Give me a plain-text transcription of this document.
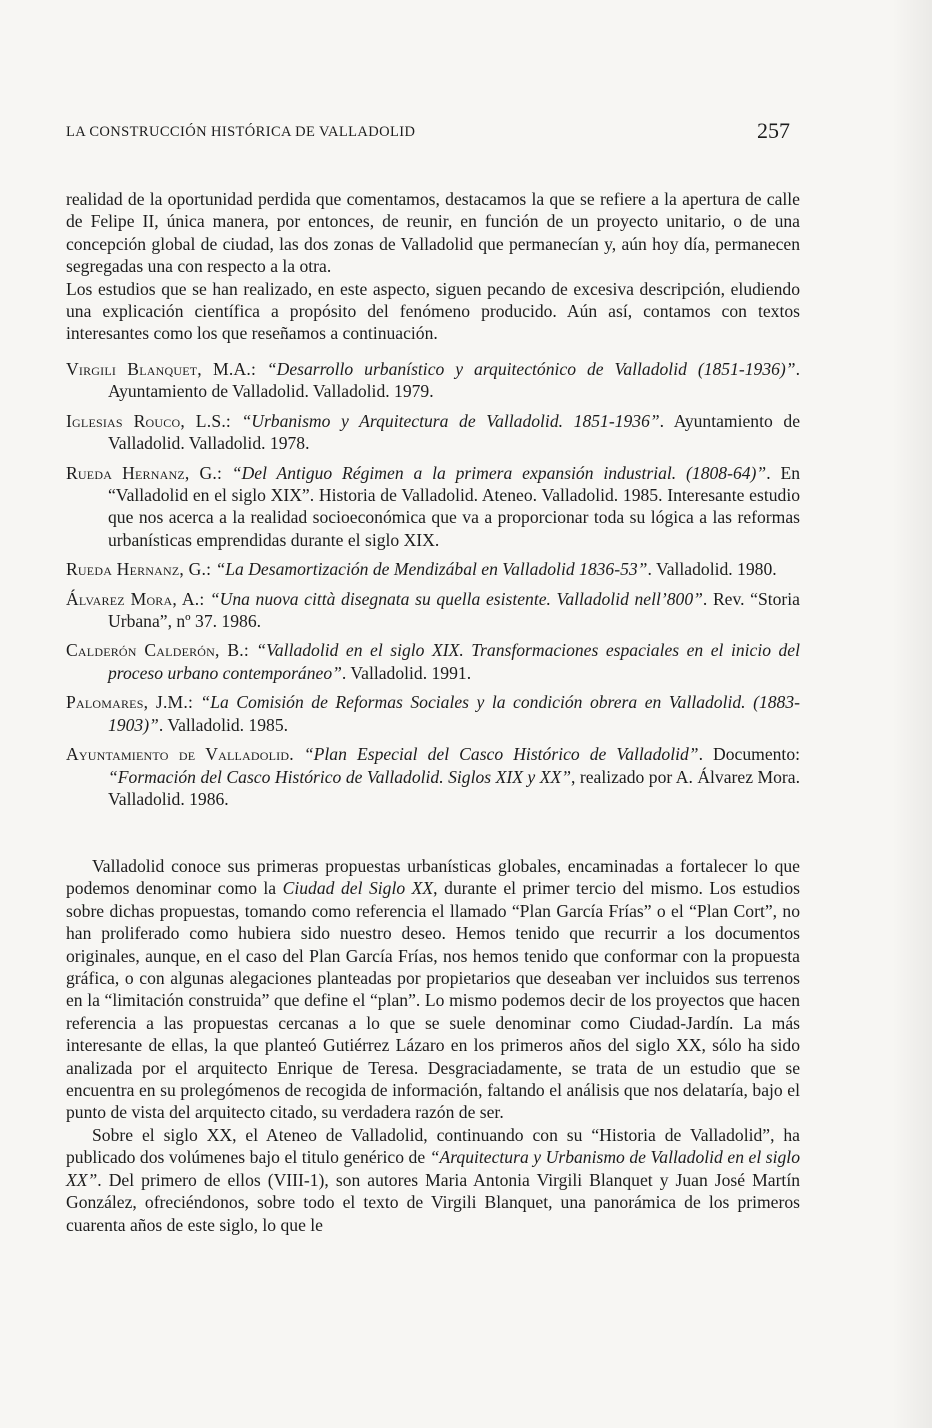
LA CONSTRUCCIÓN HISTÓRICA DE VALLADOLID	257

realidad de la oportunidad perdida que comentamos, destacamos la que se refiere a la apertura de calle de Felipe II, única manera, por entonces, de reunir, en función de un proyecto unitario, o de una concepción global de ciudad, las dos zonas de Valladolid que permanecían y, aún hoy día, permanecen segregadas una con respecto a la otra.

Los estudios que se han realizado, en este aspecto, siguen pecando de excesiva descripción, eludiendo una explicación científica a propósito del fenómeno producido. Aún así, contamos con textos interesantes como los que reseñamos a continuación.

Virgili Blanquet, M.A.: “Desarrollo urbanístico y arquitectónico de Valladolid (1851-1936)”. Ayuntamiento de Valladolid. Valladolid. 1979.

Iglesias Rouco, L.S.: “Urbanismo y Arquitectura de Valladolid. 1851-1936”. Ayuntamiento de Valladolid. Valladolid. 1978.

Rueda Hernanz, G.: “Del Antiguo Régimen a la primera expansión industrial. (1808-64)”. En “Valladolid en el siglo XIX”. Historia de Valladolid. Ateneo. Valladolid. 1985. Interesante estudio que nos acerca a la realidad socioeconómica que va a proporcionar toda su lógica a las reformas urbanísticas emprendidas durante el siglo XIX.

Rueda Hernanz, G.: “La Desamortización de Mendizábal en Valladolid 1836-53”. Valladolid. 1980.

Álvarez Mora, A.: “Una nuova città disegnata su quella esistente. Valladolid nell’800”. Rev. “Storia Urbana”, nº 37. 1986.

Calderón Calderón, B.: “Valladolid en el siglo XIX. Transformaciones espaciales en el inicio del proceso urbano contemporáneo”. Valladolid. 1991.

Palomares, J.M.: “La Comisión de Reformas Sociales y la condición obrera en Valladolid. (1883-1903)”. Valladolid. 1985.

Ayuntamiento de Valladolid. “Plan Especial del Casco Histórico de Valladolid”. Documento: “Formación del Casco Histórico de Valladolid. Siglos XIX y XX”, realizado por A. Álvarez Mora. Valladolid. 1986.

Valladolid conoce sus primeras propuestas urbanísticas globales, encaminadas a fortalecer lo que podemos denominar como la Ciudad del Siglo XX, durante el primer tercio del mismo. Los estudios sobre dichas propuestas, tomando como referencia el llamado “Plan García Frías” o el “Plan Cort”, no han proliferado como hubiera sido nuestro deseo. Hemos tenido que recurrir a los documentos originales, aunque, en el caso del Plan García Frías, nos hemos tenido que conformar con la propuesta gráfica, o con algunas alegaciones planteadas por propietarios que deseaban ver incluidos sus terrenos en la “limitación construida” que define el “plan”. Lo mismo podemos decir de los proyectos que hacen referencia a las propuestas cercanas a lo que se suele denominar como Ciudad-Jardín. La más interesante de ellas, la que planteó Gutiérrez Lázaro en los primeros años del siglo XX, sólo ha sido analizada por el arquitecto Enrique de Teresa. Desgraciadamente, se trata de un estudio que se encuentra en su prolegómenos de recogida de información, faltando el análisis que nos delataría, bajo el punto de vista del arquitecto citado, su verdadera razón de ser.

Sobre el siglo XX, el Ateneo de Valladolid, continuando con su “Historia de Valladolid”, ha publicado dos volúmenes bajo el titulo genérico de “Arquitectura y Urbanismo de Valladolid en el siglo XX”. Del primero de ellos (VIII-1), son autores Maria Antonia Virgili Blanquet y Juan José Martín González, ofreciéndonos, sobre todo el texto de Virgili Blanquet, una panorámica de los primeros cuarenta años de este siglo, lo que le
